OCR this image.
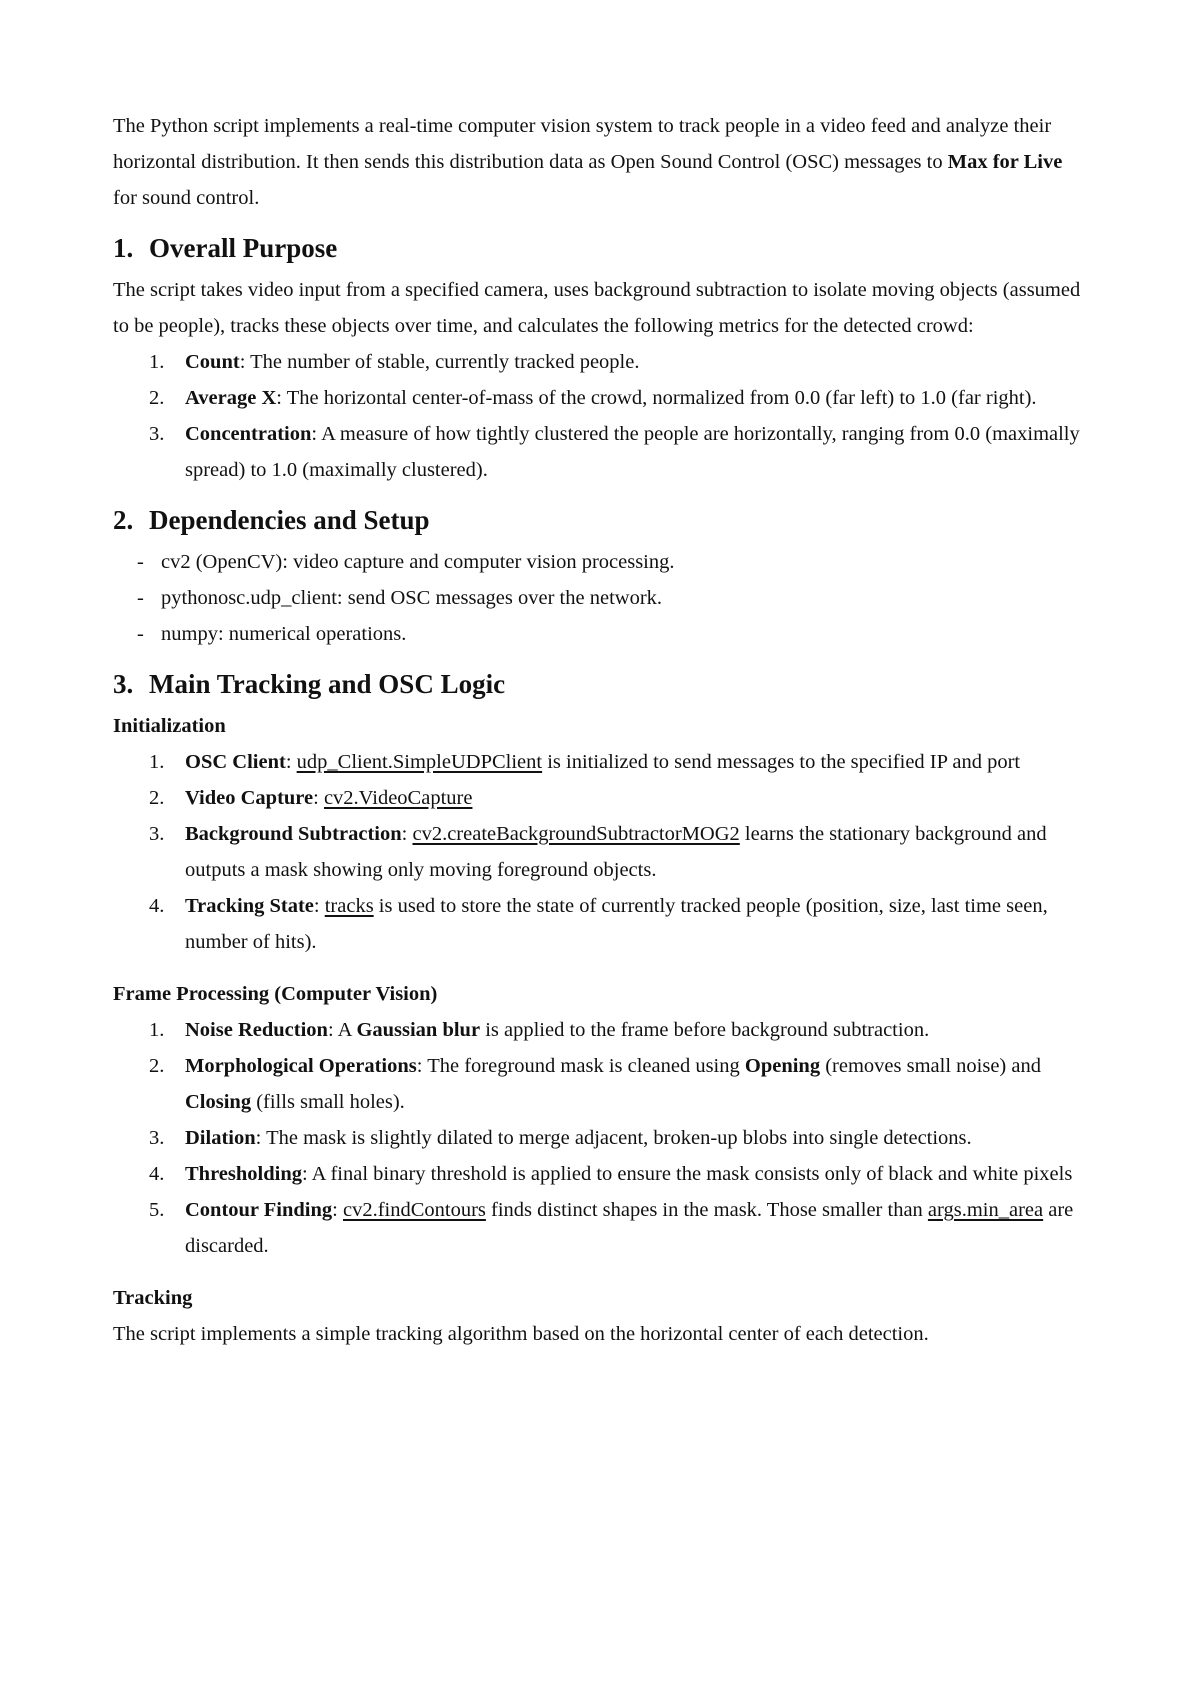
The Python script implements a real-time computer vision system to track people in a video feed and analyze their horizontal distribution. It then sends this distribution data as Open Sound Control (OSC) messages to Max for Live for sound control.

1. Overall Purpose

The script takes video input from a specified camera, uses background subtraction to isolate moving objects (assumed to be people), tracks these objects over time, and calculates the following metrics for the detected crowd:

1. Count: The number of stable, currently tracked people.
2. Average X: The horizontal center-of-mass of the crowd, normalized from 0.0 (far left) to 1.0 (far right).
3. Concentration: A measure of how tightly clustered the people are horizontally, ranging from 0.0 (maximally spread) to 1.0 (maximally clustered).
2. Dependencies and Setup
- cv2 (OpenCV): video capture and computer vision processing.
- pythonosc.udp_client: send OSC messages over the network.
- numpy: numerical operations.
3. Main Tracking and OSC Logic
Initialization
1. OSC Client: udp_Client.SimpleUDPClient is initialized to send messages to the specified IP and port
2. Video Capture: cv2.VideoCapture
3. Background Subtraction: cv2.createBackgroundSubtractorMOG2 learns the stationary background and outputs a mask showing only moving foreground objects.
4. Tracking State: tracks is used to store the state of currently tracked people (position, size, last time seen, number of hits).
Frame Processing (Computer Vision)
1. Noise Reduction: A Gaussian blur is applied to the frame before background subtraction.
2. Morphological Operations: The foreground mask is cleaned using Opening (removes small noise) and Closing (fills small holes).
3. Dilation: The mask is slightly dilated to merge adjacent, broken-up blobs into single detections.
4. Thresholding: A final binary threshold is applied to ensure the mask consists only of black and white pixels
5. Contour Finding: cv2.findContours finds distinct shapes in the mask. Those smaller than args.min_area are discarded.
Tracking

The script implements a simple tracking algorithm based on the horizontal center of each detection.
